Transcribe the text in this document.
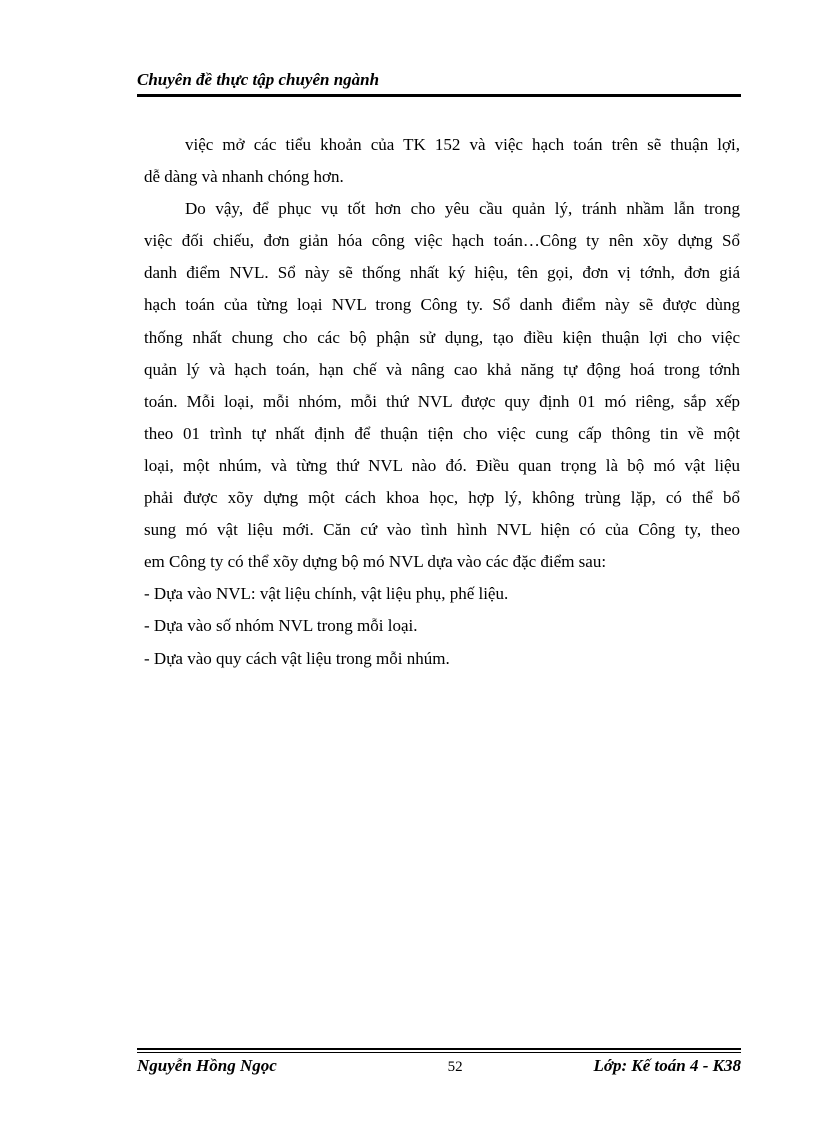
Chuyên đề thực tập chuyên ngành
việc mở các tiểu khoản của TK 152 và việc hạch toán trên sẽ thuận lợi,
dễ dàng và nhanh chóng hơn.
Do vậy, để phục vụ tốt hơn cho yêu cầu quản lý, tránh nhầm lẫn trong
việc đối chiếu, đơn giản hóa công việc hạch toán…Công ty nên xõy dựng Sổ
danh điểm NVL. Sổ này sẽ thống nhất ký hiệu, tên gọi, đơn vị tớnh, đơn giá
hạch toán của từng loại NVL trong Công ty. Sổ danh điểm này sẽ được dùng
thống nhất chung cho các bộ phận sử dụng, tạo điều kiện thuận lợi cho việc
quản lý và hạch toán, hạn chế và nâng cao khả năng tự động hoá trong tớnh
toán. Mỗi loại, mỗi nhóm, mỗi thứ NVL được quy định 01 mó riêng, sắp xếp
theo 01 trình tự nhất định để thuận tiện cho việc cung cấp thông tin về một
loại, một nhúm, và từng thứ NVL nào đó. Điều quan trọng là bộ mó vật liệu
phải được xõy dựng một cách khoa học, hợp lý, không trùng lặp, có thể bổ
sung mó vật liệu mới. Căn cứ vào tình hình NVL hiện có của Công ty, theo
em Công ty có thể xõy dựng bộ mó NVL dựa vào các đặc điểm sau:
- Dựa vào NVL: vật liệu chính, vật liệu phụ, phế liệu.
- Dựa vào số nhóm NVL trong mỗi loại.
- Dựa vào quy cách vật liệu trong mỗi nhúm.
Nguyễn Hồng Ngọc	52	Lớp: Kế toán 4 - K38
